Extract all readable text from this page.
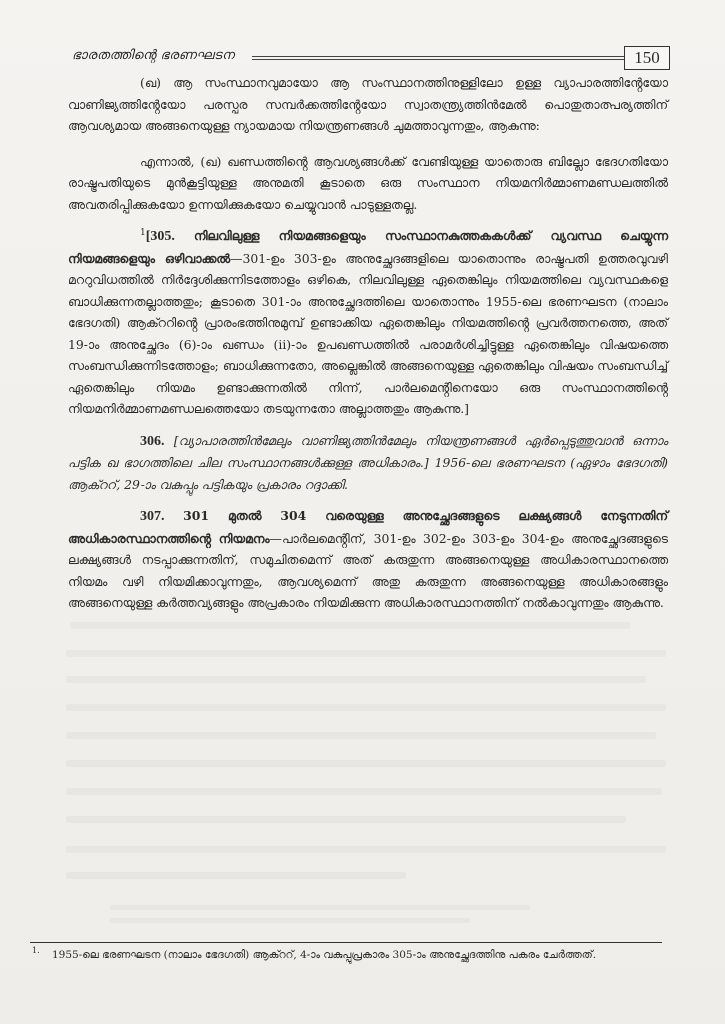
ഭാരതത്തിന്റെ ഭരണഘടന	150

(ഖ) ആ സംസ്ഥാനവുമായോ ആ സംസ്ഥാനത്തിനുള്ളിലോ ഉള്ള വ്യാപാരത്തിൻ്റേയോ വാണിജ്യത്തിൻ്റേയോ പരസ്പര സമ്പർക്കത്തിൻ്റേയോ സ്വാതന്ത്ര്യത്തിൻമേൽ പൊതുതാത്പര്യത്തിന് ആവശ്യമായ അങ്ങനെയുള്ള ന്യായമായ നിയന്ത്രണങ്ങൾ ചുമത്താവുന്നതും, ആകുന്നു:

എന്നാൽ, (ഖ) ഖണ്ഡത്തിൻ്റെ ആവശ്യങ്ങൾക്ക് വേണ്ടിയുള്ള യാതൊരു ബില്ലോ ഭേദഗതിയോ രാഷ്ട്രപതിയുടെ മുൻകൂട്ടിയുള്ള അനുമതി കൂടാതെ ഒരു സംസ്ഥാന നിയമനിർമ്മാണമണ്ഡലത്തിൽ അവതരിപ്പിക്കുകയോ ഉന്നയിക്കുകയോ ചെയ്യുവാൻ പാടുള്ളതല്ല.

$^1$[305. നിലവിലുള്ള നിയമങ്ങളെയും സംസ്ഥാനകുത്തകകൾക്ക് വ്യവസ്ഥ ചെയ്യുന്ന നിയമങ്ങളെയും ഒഴിവാക്കൽ—301-ഉം 303-ഉം അനുച്ഛേദങ്ങളിലെ യാതൊന്നും രാഷ്ട്രപതി ഉത്തരവുവഴി മററുവിധത്തിൽ നിർദ്ദേശിക്കുന്നിടത്തോളം ഒഴികെ, നിലവിലുള്ള ഏതെങ്കിലും നിയമത്തിലെ വ്യവസ്ഥകളെ ബാധിക്കുന്നതല്ലാത്തതും; കൂടാതെ 301-ാം അനുച്ഛേദത്തിലെ യാതൊന്നും 1955-ലെ ഭരണഘടന (നാലാം ഭേദഗതി) ആക്ററിൻ്റെ പ്രാരംഭത്തിനുമുമ്പ് ഉണ്ടാക്കിയ ഏതെങ്കിലും നിയമത്തിൻ്റെ പ്രവർത്തനത്തെ, അത് 19-ാം അനുച്ഛേദം (6)-ാം ഖണ്ഡം (ii)-ാം ഉപഖണ്ഡത്തിൽ പരാമർശിച്ചിട്ടുള്ള ഏതെങ്കിലും വിഷയത്തെ സംബന്ധിക്കുന്നിടത്തോളം; ബാധിക്കുന്നതോ, അല്ലെങ്കിൽ അങ്ങനെയുള്ള ഏതെങ്കിലും വിഷയം സംബന്ധിച്ച് ഏതെങ്കിലും നിയമം ഉണ്ടാക്കുന്നതിൽ നിന്ന്, പാർലമെൻ്റിനെയോ ഒരു സംസ്ഥാനത്തിൻ്റെ നിയമനിർമ്മാണമണ്ഡലത്തെയോ തടയുന്നതോ അല്ലാത്തതും ആകുന്നു.]

306. [വ്യാപാരത്തിൻമേലും വാണിജ്യത്തിൻമേലും നിയന്ത്രണങ്ങൾ ഏർപ്പെടുത്തുവാൻ ഒന്നാം പട്ടിക ഖ ഭാഗത്തിലെ ചില സംസ്ഥാനങ്ങൾക്കുള്ള അധികാരം.] 1956-ലെ ഭരണഘടന (ഏഴാം ഭേദഗതി) ആക്ററ്, 29-ാം വകുപ്പും പട്ടികയും പ്രകാരം റദ്ദാക്കി.

307. 301 മുതൽ 304 വരെയുള്ള അനുച്ഛേദങ്ങളുടെ ലക്ഷ്യങ്ങൾ നേടുന്നതിന് അധികാരസ്ഥാനത്തിൻ്റെ നിയമനം—പാർലമെൻ്റിന്, 301-ഉം 302-ഉം 303-ഉം 304-ഉം അനുച്ഛേദങ്ങളുടെ ലക്ഷ്യങ്ങൾ നടപ്പാക്കുന്നതിന്, സമുചിതമെന്ന് അത് കരുതുന്ന അങ്ങനെയുള്ള അധികാരസ്ഥാനത്തെ നിയമം വഴി നിയമിക്കാവുന്നതും, ആവശ്യമെന്ന് അതു കരുതുന്ന അങ്ങനെയുള്ള അധികാരങ്ങളും അങ്ങനെയുള്ള കർത്തവ്യങ്ങളും അപ്രകാരം നിയമിക്കുന്ന അധികാരസ്ഥാനത്തിന് നൽകാവുന്നതും ആകുന്നു.

1. 1955-ലെ ഭരണഘടന (നാലാം ഭേദഗതി) ആക്ററ്, 4-ാം വകുപ്പുപ്രകാരം 305-ാം അനുച്ഛേദത്തിനു പകരം ചേർത്തത്.
